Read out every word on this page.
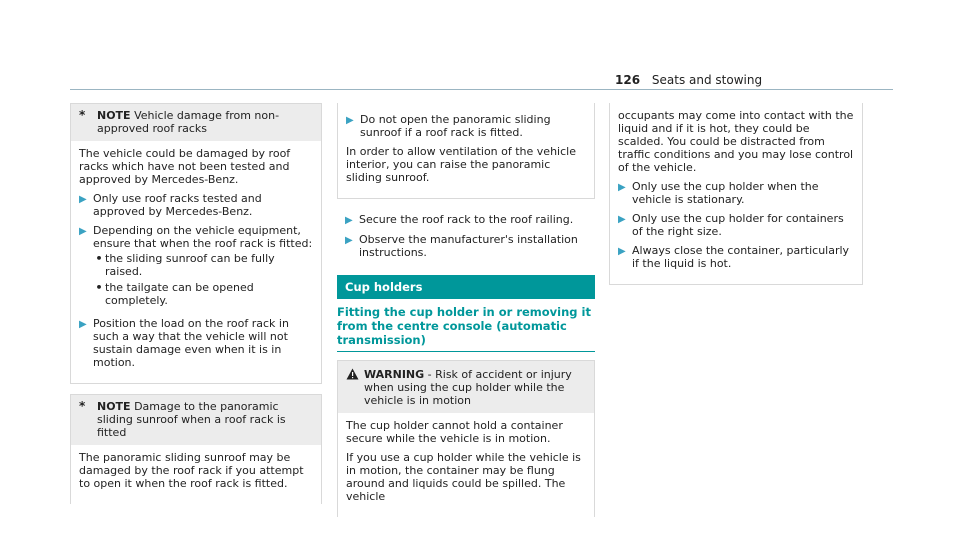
126 Seats and stowing
*	NOTE Vehicle damage from non-approved roof racks

The vehicle could be damaged by roof racks which have not been tested and approved by Mercedes-Benz.

▶ Only use roof racks tested and approved by Mercedes-Benz.
▶ Depending on the vehicle equipment, ensure that when the roof rack is fitted:
• the sliding sunroof can be fully raised.
• the tailgate can be opened completely.
▶ Position the load on the roof rack in such a way that the vehicle will not sustain damage even when it is in motion.
*	NOTE Damage to the panoramic sliding sunroof when a roof rack is fitted

The panoramic sliding sunroof may be damaged by the roof rack if you attempt to open it when the roof rack is fitted.

▶ Do not open the panoramic sliding sunroof if a roof rack is fitted.

In order to allow ventilation of the vehicle interior, you can raise the panoramic sliding sunroof.

▶ Secure the roof rack to the roof railing.
▶ Observe the manufacturer's installation instructions.
Cup holders
Fitting the cup holder in or removing it from the centre console (automatic transmission)
WARNING - Risk of accident or injury when using the cup holder while the vehicle is in motion

The cup holder cannot hold a container secure while the vehicle is in motion.

If you use a cup holder while the vehicle is in motion, the container may be flung around and liquids could be spilled. The vehicle

occupants may come into contact with the liquid and if it is hot, they could be scalded. You could be distracted from traffic conditions and you may lose control of the vehicle.

▶ Only use the cup holder when the vehicle is stationary.
▶ Only use the cup holder for containers of the right size.
▶ Always close the container, particularly if the liquid is hot.
